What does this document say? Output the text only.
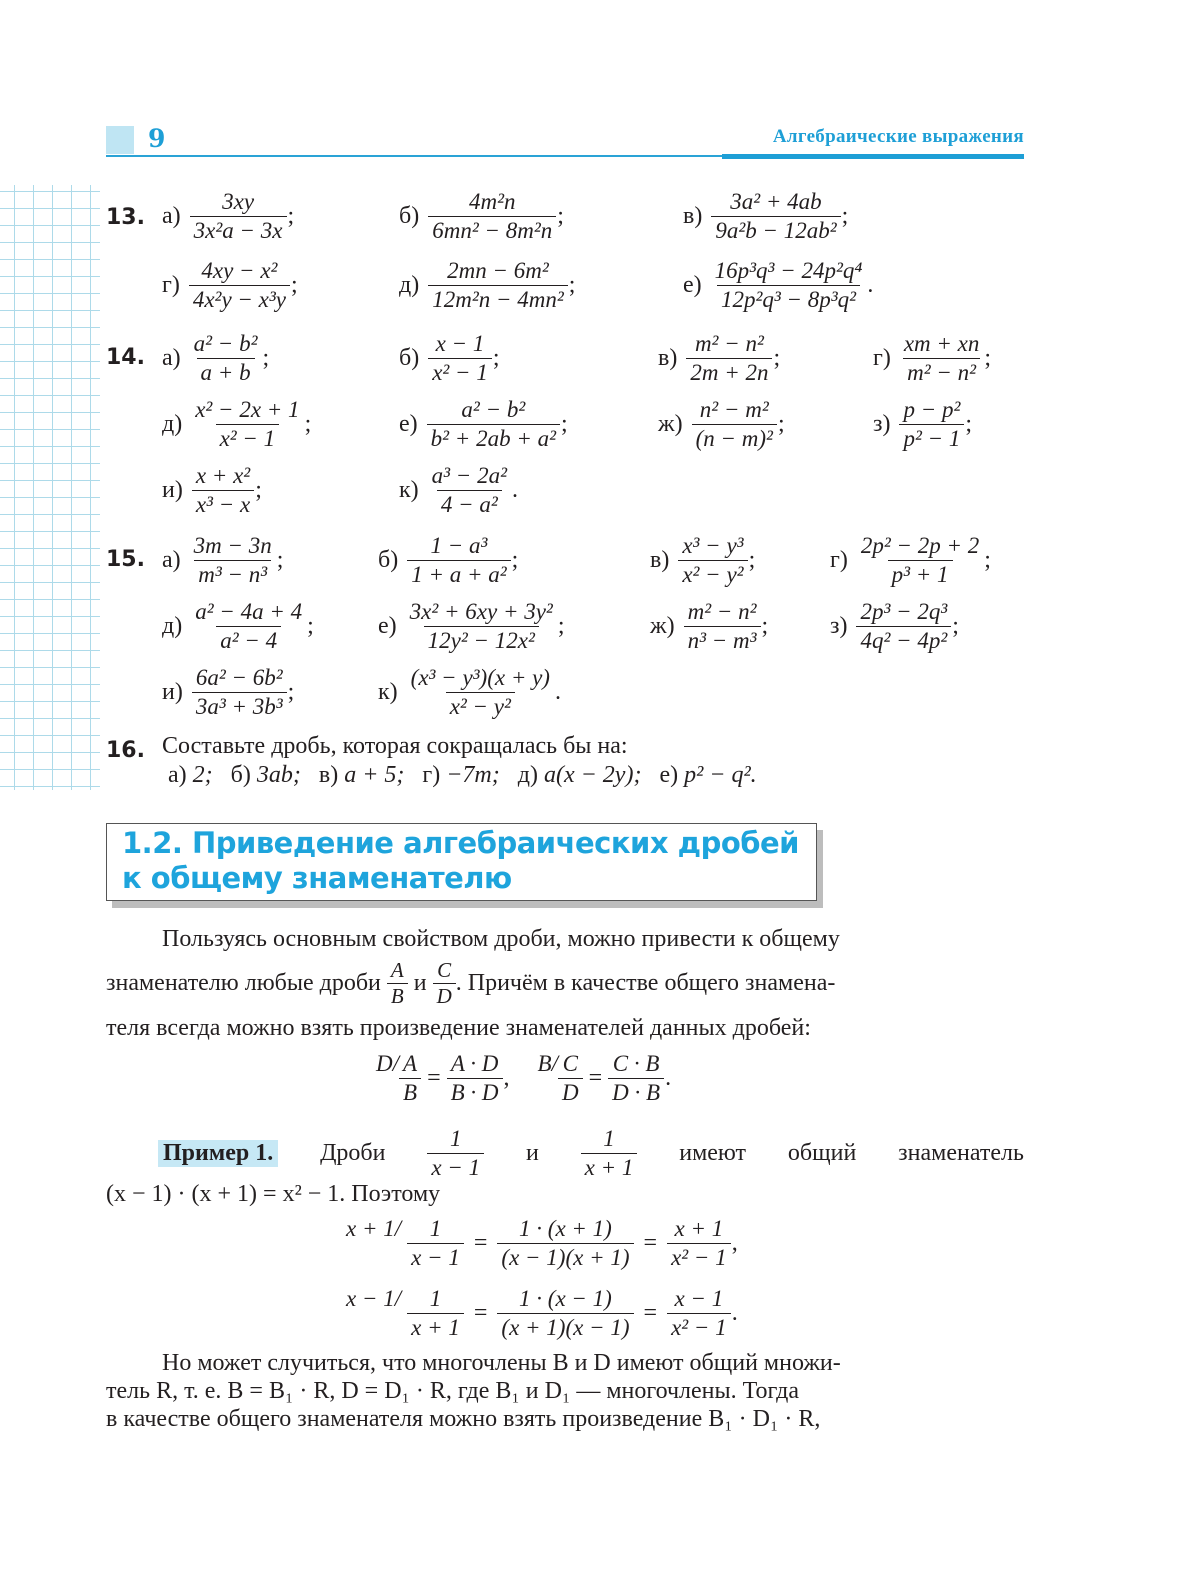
9	Алгебраические выражения
13. $а) \frac{3xy}{\text{3x²a − 3x}}$ ;	$б) \frac{\text{4m²n}}{\text{6mn² − 8m²n}}$ ;	$в) \frac{\text{3a² + 4ab}}{\text{9a²b − 12ab²}}$ ;
$г) \frac{\text{4xy − x²}}{\text{4x²y − x³y}}$ ;	$д) \frac{\text{2mn − 6m²}}{\text{12m²n − 4mn²}}$ ;	$е) \frac{\text{16p³q³ − 24p²q⁴}}{\text{12p²q³ − 8p³q²}}$ .
14. $а) \frac{\text{a² − b²}}{a + b}$ ;	$б) \frac{x - 1}{\text{x² − 1}}$ ;	$в) \frac{\text{m² − n²}}{2m + 2n}$ ;	$г) \frac{xm + xn}{\text{m² − n²}}$ ;
$д) \frac{\text{x² − 2x + 1}}{\text{x² − 1}}$ ;	$е) \frac{\text{a² − b²}}{\text{b² + 2ab + a²}}$ ;	$ж) \frac{\text{n² − m²}}{\text{(n − m)²}}$ ;	$з) \frac{\text{p − p²}}{\text{p² − 1}}$ ;
$и) \frac{\text{x + x²}}{\text{x³ − x}}$ ;	$к) \frac{\text{a³ − 2a²}}{\text{4 − a²}}$ .
15. $а) \frac{3m - 3n}{\text{m³ − n³}}$ ;	$б) \frac{\text{1 − a³}}{\text{1 + a + a²}}$ ;	$в) \frac{\text{x³ − y³}}{\text{x² − y²}}$ ;	$г) \frac{\text{2p² − 2p + 2}}{\text{p³ + 1}}$ ;
$д) \frac{\text{a² − 4a + 4}}{\text{a² − 4}}$ ;	$е) \frac{\text{3x² + 6xy + 3y²}}{\text{12y² − 12x²}}$ ;	$ж) \frac{\text{m² − n²}}{\text{n³ − m³}}$ ;	$з) \frac{\text{2p³ − 2q³}}{\text{4q² − 4p²}}$ ;
$и) \frac{\text{6a² − 6b²}}{\text{3a³ + 3b³}}$ ;	$к) \frac{\text{(x³ − y³)(x + y)}}{\text{x² − y²}}$ .
16. Составьте дробь, которая сокращалась бы на:
а) 2; б) 3ab; в) a + 5; г) −7m; д) a(x − 2y); е) p² − q².
1.2. Приведение алгебраических дробей
к общему знаменателю
Пользуясь основным свойством дроби, можно привести к общему
знаменателю любые дроби
$\frac{A}{B}$
и
$\frac{C}{D}$ . Причём в качестве общего знамена-
теля всегда можно взять произведение знаменателей данных дробей:
$D/ \frac{A}{B} = \frac{A \cdot D}{B \cdot D}$ ,
$B/ \frac{C}{D} = \frac{C \cdot B}{D \cdot B}$ .
Пример 1. Дроби $\frac{1}{x - 1}$ и $\frac{1}{x + 1}$ имеют общий знаменатель
(x − 1) · (x + 1) = x² − 1. Поэтому
$x + 1/ \frac{1}{x - 1} = \frac{1 \cdot (x + 1)}{(x - 1)(x + 1)} = \frac{x + 1}{\text{x² − 1}}$ ,
$x - 1/ \frac{1}{x + 1} = \frac{1 \cdot (x - 1)}{(x + 1)(x - 1)} = \frac{x - 1}{\text{x² − 1}}$ .
Но может случиться, что многочлены B и D имеют общий множи-
тель R, т. е. B = B₁ · R, D = D₁ · R, где B₁ и D₁ — многочлены. Тогда
в качестве общего знаменателя можно взять произведение B₁ · D₁ · R,
